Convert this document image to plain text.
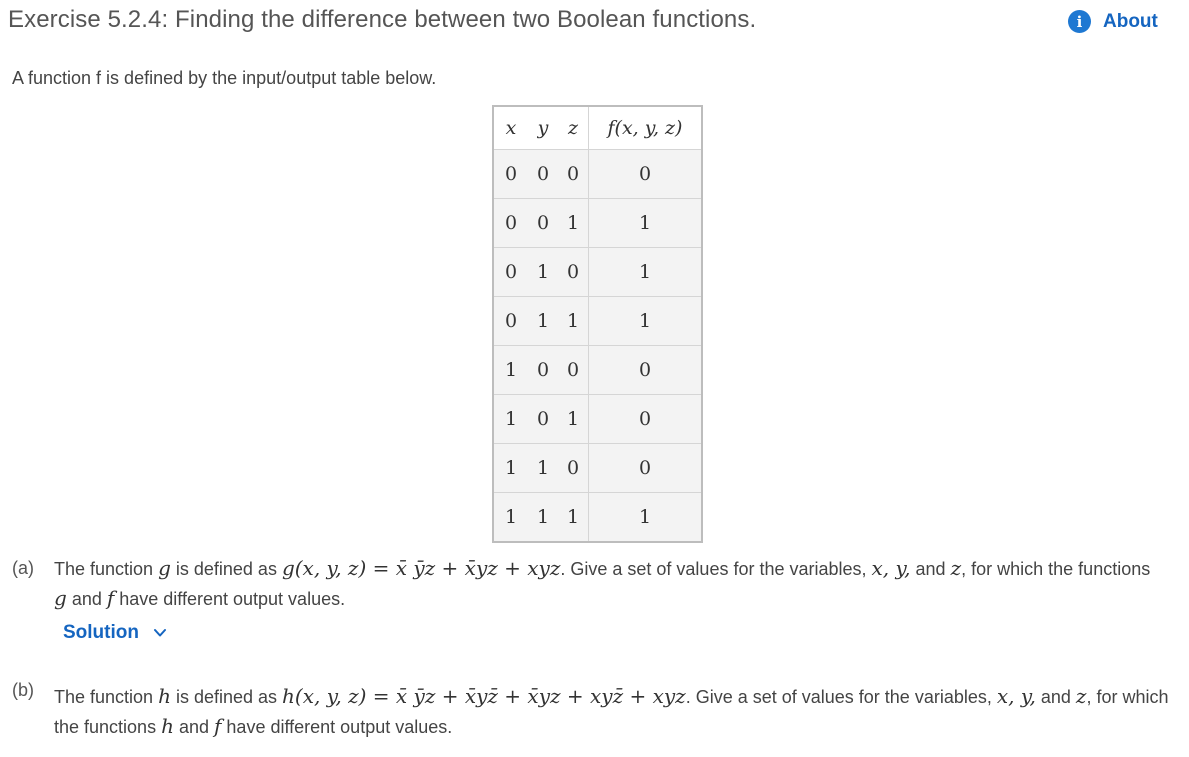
Exercise 5.2.4: Finding the difference between two Boolean functions.	i	About

A function f is defined by the input/output table below.

x	y	z	f(x, y, z)
0	0	0	0
0	0	1	1
0	1	0	1
0	1	1	1
1	0	0	0
1	0	1	0
1	1	0	0
1	1	1	1
(a) The function g is defined as g(x, y, z) = x̄ ȳz + x̄yz + xyz. Give a set of values for the variables, x, y, and z, for which the functions g and f have different output values.
Solution
(b) The function h is defined as h(x, y, z) = x̄ ȳz + x̄yz̄ + x̄yz + xyz̄ + xyz. Give a set of values for the variables, x, y, and z, for which the functions h and f have different output values.
